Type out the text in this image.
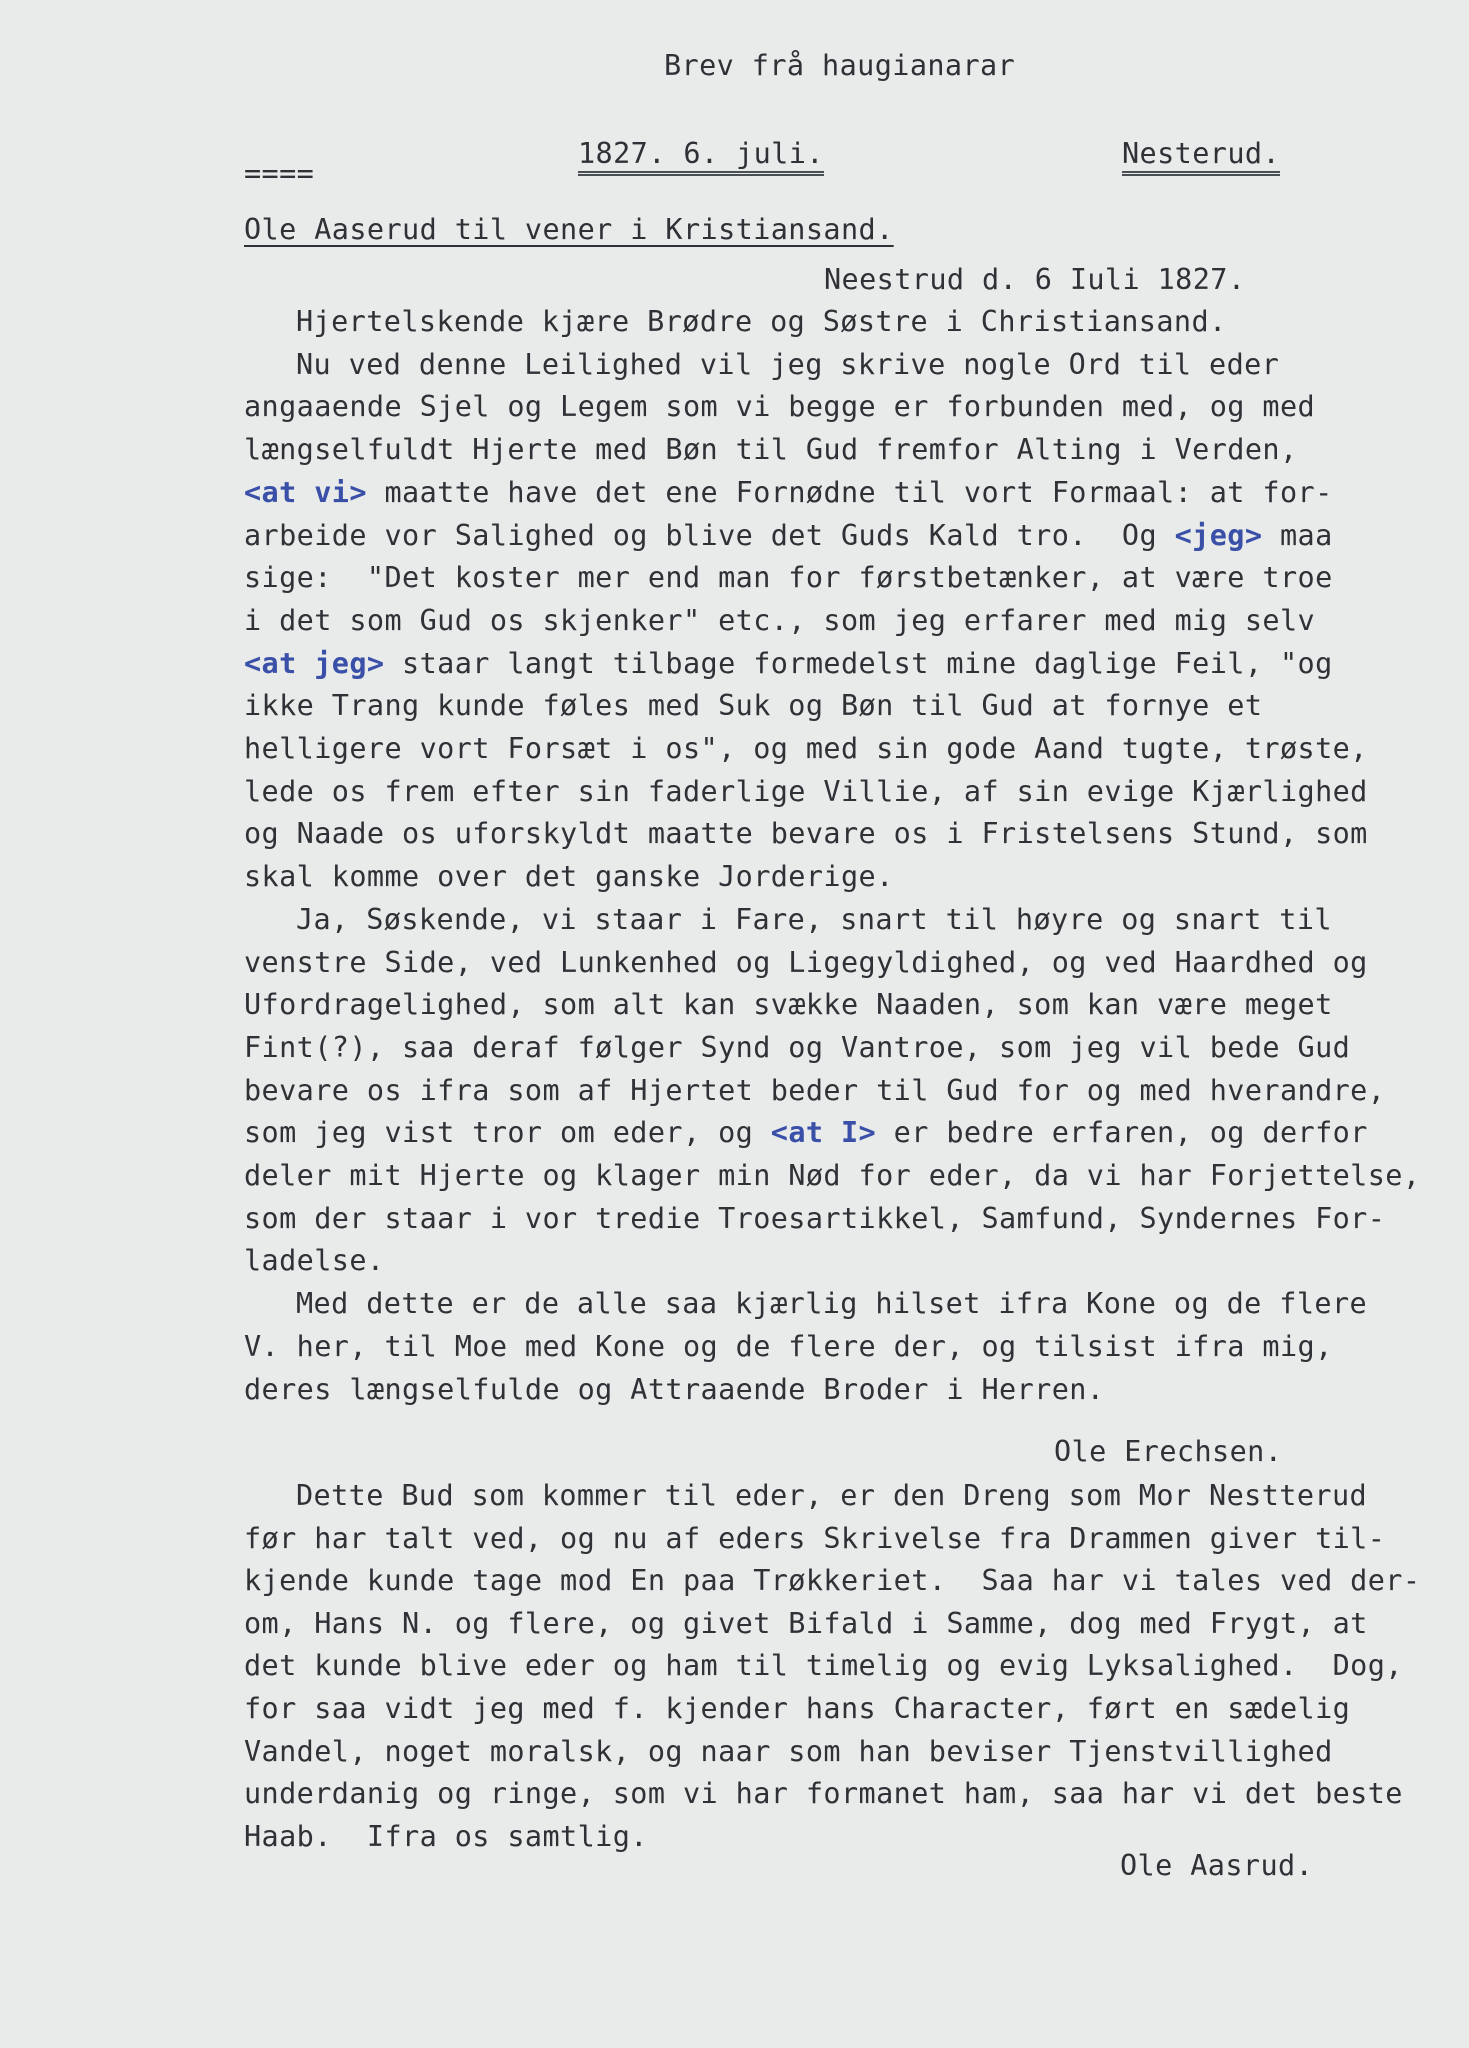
Brev frå haugianarar
====
1827. 6. juli.	Nesterud.
Ole Aaserud til vener i Kristiansand.
Neestrud d. 6 Iuli 1827.
Hjertelskende kjære Brødre og Søstre i Christiansand.
Nu ved denne Leilighed vil jeg skrive nogle Ord til eder
angaaende Sjel og Legem som vi begge er forbunden med, og med
længselfuldt Hjerte med Bøn til Gud fremfor Alting i Verden,
<at vi> maatte have det ene Fornødne til vort Formaal: at for-
arbeide vor Salighed og blive det Guds Kald tro.  Og <jeg> maa
sige:  "Det koster mer end man for førstbetænker, at være troe
i det som Gud os skjenker" etc., som jeg erfarer med mig selv
<at jeg> staar langt tilbage formedelst mine daglige Feil, "og
ikke Trang kunde føles med Suk og Bøn til Gud at fornye et
helligere vort Forsæt i os", og med sin gode Aand tugte, trøste,
lede os frem efter sin faderlige Villie, af sin evige Kjærlighed
og Naade os uforskyldt maatte bevare os i Fristelsens Stund, som
skal komme over det ganske Jorderige.
Ja, Søskende, vi staar i Fare, snart til høyre og snart til
venstre Side, ved Lunkenhed og Ligegyldighed, og ved Haardhed og
Ufordragelighed, som alt kan svække Naaden, som kan være meget
Fint(?), saa deraf følger Synd og Vantroe, som jeg vil bede Gud
bevare os ifra som af Hjertet beder til Gud for og med hverandre,
som jeg vist tror om eder, og <at I> er bedre erfaren, og derfor
deler mit Hjerte og klager min Nød for eder, da vi har Forjettelse,
som der staar i vor tredie Troesartikkel, Samfund, Syndernes For-
ladelse.
Med dette er de alle saa kjærlig hilset ifra Kone og de flere
V. her, til Moe med Kone og de flere der, og tilsist ifra mig,
deres længselfulde og Attraaende Broder i Herren.
Ole Erechsen.
Dette Bud som kommer til eder, er den Dreng som Mor Nestterud
før har talt ved, og nu af eders Skrivelse fra Drammen giver til-
kjende kunde tage mod En paa Trøkkeriet.  Saa har vi tales ved der-
om, Hans N. og flere, og givet Bifald i Samme, dog med Frygt, at
det kunde blive eder og ham til timelig og evig Lyksalighed.  Dog,
for saa vidt jeg med f. kjender hans Character, ført en sædelig
Vandel, noget moralsk, og naar som han beviser Tjenstvillighed
underdanig og ringe, som vi har formanet ham, saa har vi det beste
Haab.  Ifra os samtlig.
Ole Aasrud.
